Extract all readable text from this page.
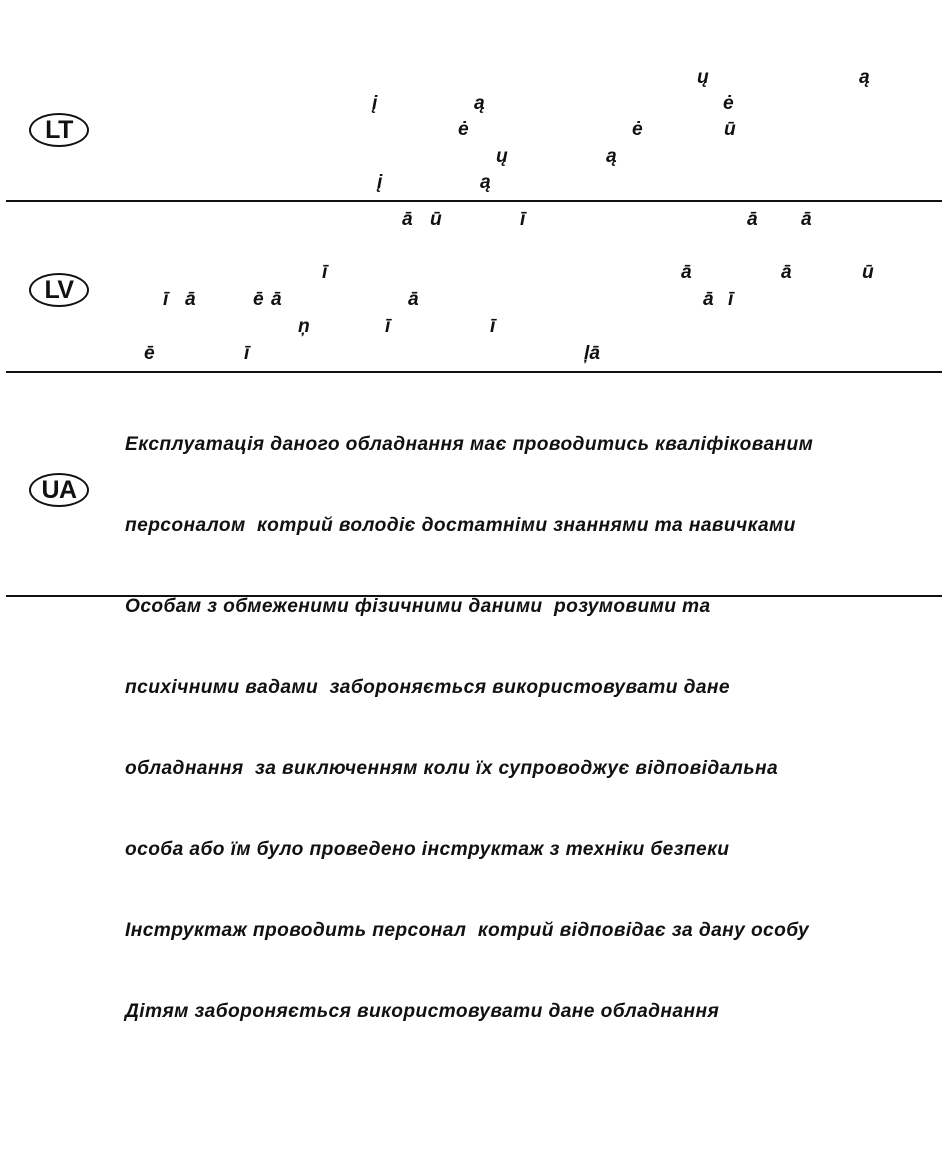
LT
ų	ą
į	ą	ė
ė	ė	ū
ų	ą
į	ą
LV
ā ū	ī	ā ā
ī	ā	ā	ū
ī ā	ē ā	ā	ā ī
ņ	ī	ī
ē	ī	ļā
UA

Експлуатація даного обладнання має проводитись кваліфікованим

персоналом  котрий володіє достатніми знаннями та навичками

Особам з обмеженими фізичними даними  розумовими та

психічними вадами  забороняється використовувати дане

обладнання  за виключенням коли їх супроводжує відповідальна

особа або їм було проведено інструктаж з техніки безпеки

Інструктаж проводить персонал  котрий відповідає за дану особу

Дітям забороняється використовувати дане обладнання
